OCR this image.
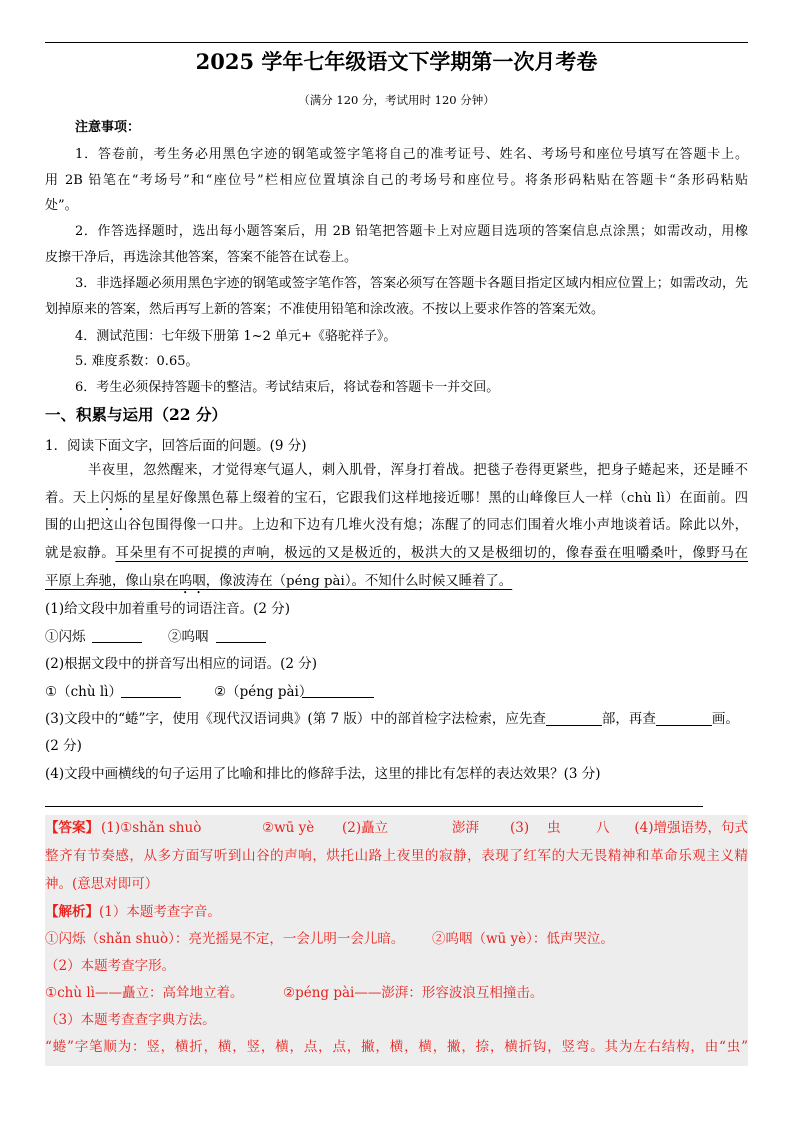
2025 学年七年级语文下学期第一次月考卷
（满分 120 分，考试用时 120 分钟）
注意事项：
1．答卷前，考生务必用黑色字迹的钢笔或签字笔将自己的准考证号、姓名、考场号和座位号填写在答题卡上。
用 2B 铅笔在“考场号”和“座位号”栏相应位置填涂自己的考场号和座位号。将条形码粘贴在答题卡“条形码粘贴
处”。
2．作答选择题时，选出每小题答案后，用 2B 铅笔把答题卡上对应题目选项的答案信息点涂黑；如需改动，用橡
皮擦干净后，再选涂其他答案，答案不能答在试卷上。
3．非选择题必须用黑色字迹的钢笔或签字笔作答，答案必须写在答题卡各题目指定区域内相应位置上；如需改动，先
划掉原来的答案，然后再写上新的答案；不准使用铅笔和涂改液。不按以上要求作答的答案无效。
4．测试范围：七年级下册第 1~2 单元+《骆驼祥子》。
5. 难度系数：0.65。
6．考生必须保持答题卡的整洁。考试结束后，将试卷和答题卡一并交回。
一、积累与运用（22 分）
1．阅读下面文字，回答后面的问题。(9 分)
半夜里，忽然醒来，才觉得寒气逼人，刺入肌骨，浑身打着战。把毯子卷得更紧些，把身子蜷起来，还是睡不
着。天上闪烁的星星好像黑色幕上缀着的宝石，它跟我们这样地接近哪！黑的山峰像巨人一样（chù lì）在面前。四
围的山把这山谷包围得像一口井。上边和下边有几堆火没有熄；冻醒了的同志们围着火堆小声地谈着话。除此以外，
就是寂静。耳朵里有不可捉摸的声响，极远的又是极近的，极洪大的又是极细切的，像春蚕在咀嚼桑叶，像野马在
平原上奔驰，像山泉在呜咽，像波涛在（péng pài）。不知什么时候又睡着了。
(1)给文段中加着重号的词语注音。(2 分)
①闪烁	②呜咽
(2)根据文段中的拼音写出相应的词语。(2 分)
①（chù lì）	②（péng pài）
(3)文段中的“蜷”字，使用《现代汉语词典》(第 7 版）中的部首检字法检索，应先查	部，再查	画。
(2 分)
(4)文段中画横线的句子运用了比喻和排比的修辞手法，这里的排比有怎样的表达效果？(3 分)
【答案】 (1)①shǎn shuò	②wū yè (2)矗立	澎湃 (3) 虫	八 (4)增强语势，句式
整齐有节奏感，从多方面写听到山谷的声响，烘托山路上夜里的寂静，表现了红军的大无畏精神和革命乐观主义精
神。(意思对即可）
【解析】(1）本题考查字音。
①闪烁（shǎn shuò）：亮光摇晃不定，一会儿明一会儿暗。 ②呜咽（wū yè）：低声哭泣。
（2）本题考查字形。
①chù lì——矗立：高耸地立着。	②péng pài——澎湃：形容波浪互相撞击。
（3）本题考查查字典方法。
“蜷”字笔顺为：竖，横折，横，竖，横，点，点，撇，横，横，撇，捺，横折钩，竖弯。其为左右结构，由“虫”
